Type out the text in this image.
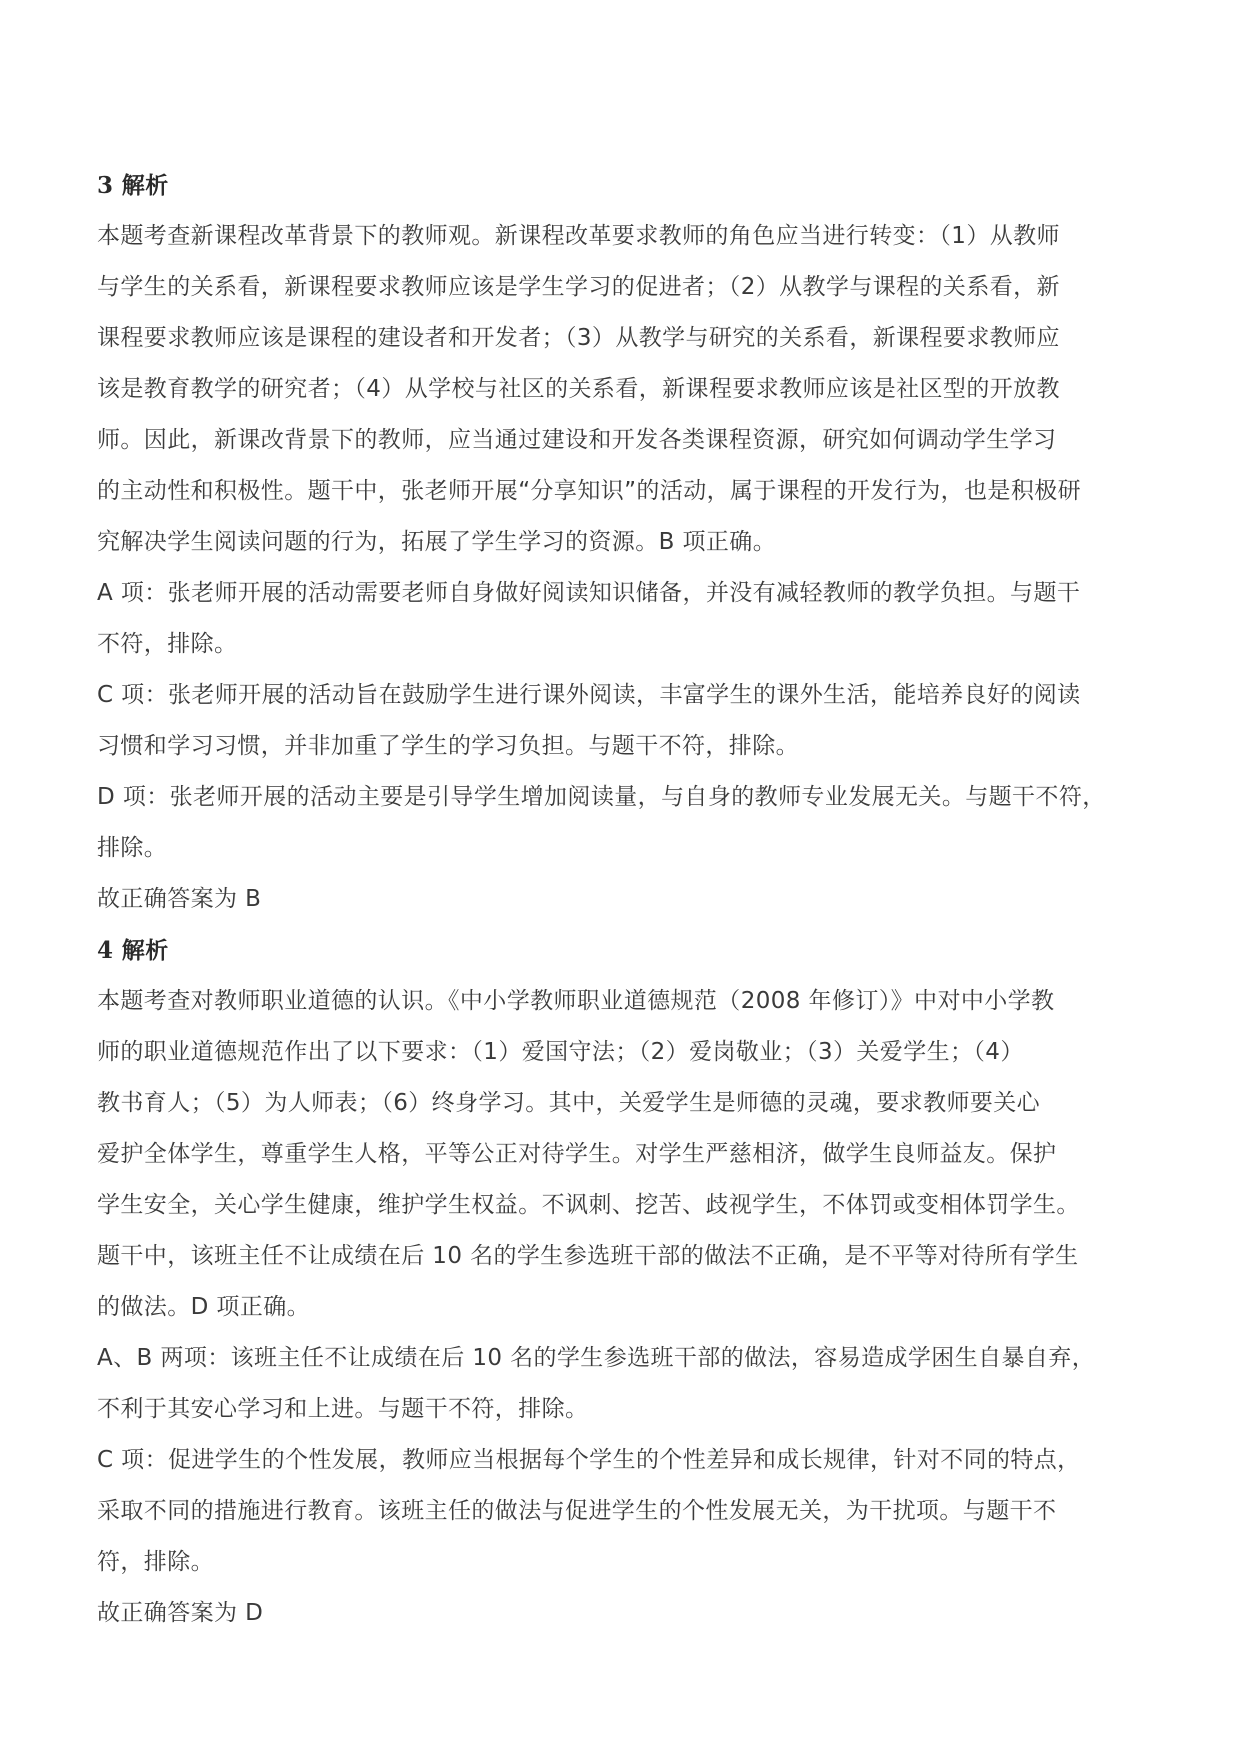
3 解析
本题考查新课程改革背景下的教师观。新课程改革要求教师的角色应当进行转变：（1）从教师
与学生的关系看，新课程要求教师应该是学生学习的促进者；（2）从教学与课程的关系看，新
课程要求教师应该是课程的建设者和开发者；（3）从教学与研究的关系看，新课程要求教师应
该是教育教学的研究者；（4）从学校与社区的关系看，新课程要求教师应该是社区型的开放教
师。因此，新课改背景下的教师，应当通过建设和开发各类课程资源，研究如何调动学生学习
的主动性和积极性。题干中，张老师开展“分享知识”的活动，属于课程的开发行为，也是积极研
究解决学生阅读问题的行为，拓展了学生学习的资源。B 项正确。
A 项：张老师开展的活动需要老师自身做好阅读知识储备，并没有减轻教师的教学负担。与题干
不符，排除。
C 项：张老师开展的活动旨在鼓励学生进行课外阅读，丰富学生的课外生活，能培养良好的阅读
习惯和学习习惯，并非加重了学生的学习负担。与题干不符，排除。
D 项：张老师开展的活动主要是引导学生增加阅读量，与自身的教师专业发展无关。与题干不符，
排除。
故正确答案为 B
4 解析
本题考查对教师职业道德的认识。《中小学教师职业道德规范（2008 年修订）》中对中小学教
师的职业道德规范作出了以下要求：（1）爱国守法；（2）爱岗敬业；（3）关爱学生；（4）
教书育人；（5）为人师表；（6）终身学习。其中，关爱学生是师德的灵魂，要求教师要关心
爱护全体学生，尊重学生人格，平等公正对待学生。对学生严慈相济，做学生良师益友。保护
学生安全，关心学生健康，维护学生权益。不讽刺、挖苦、歧视学生，不体罚或变相体罚学生。
题干中，该班主任不让成绩在后 10 名的学生参选班干部的做法不正确，是不平等对待所有学生
的做法。D 项正确。
A、B 两项：该班主任不让成绩在后 10 名的学生参选班干部的做法，容易造成学困生自暴自弃，
不利于其安心学习和上进。与题干不符，排除。
C 项：促进学生的个性发展，教师应当根据每个学生的个性差异和成长规律，针对不同的特点，
采取不同的措施进行教育。该班主任的做法与促进学生的个性发展无关，为干扰项。与题干不
符，排除。
故正确答案为 D
